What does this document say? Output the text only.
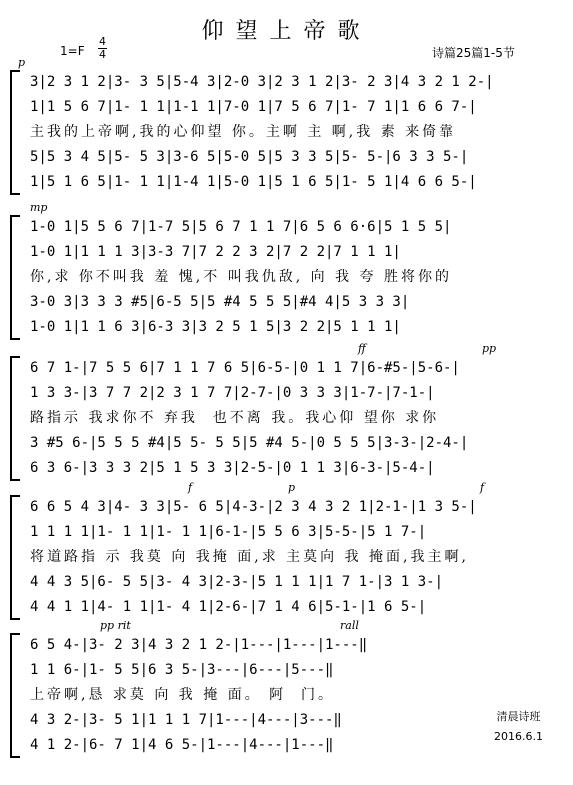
仰望上帝歌
1=F
4
4	诗篇25篇1-5节
p
3|2 3 1 2|3- 3 5|5-4 3|2-0 3|2 3 1 2|3- 2 3|4 3 2 1 2-|
1|1 5 6 7|1- 1 1|1-1 1|7-0 1|7 5 6 7|1- 7 1|1 6 6 7-|
主我的上帝啊,我的心仰望 你。主啊 主 啊,我 素 来倚靠
5|5 3 4 5|5- 5 3|3-6 5|5-0 5|5 3 3 5|5- 5-|6 3 3 5-|
1|5 1 6 5|1- 1 1|1-4 1|5-0 1|5 1 6 5|1- 5 1|4 6 6 5-|
mp
1-0 1|5 5 6 7|1-7 5|5 6 7 1 1 7|6 5 6 6·6|5 1 5 5|
1-0 1|1 1 1 3|3-3 7|7 2 2 3 2|7 2 2|7 1 1 1|
你,求 你不叫我 羞 愧,不 叫我仇敌, 向 我 夸 胜将你的
3-0 3|3 3 3 #5|6-5 5|5 #4 5 5 5|#4 4|5 3 3 3|
1-0 1|1 1 6 3|6-3 3|3 2 5 1 5|3 2 2|5 1 1 1|
ff	pp
6 7 1-|7 5 5 6|7 1 1 7 6 5|6-5-|0 1 1 7|6-#5-|5-6-|
1 3 3-|3 7 7 2|2 3 1 7 7|2-7-|0 3 3 3|1-7-|7-1-|
路指示 我求你不 弃我  也不离 我。我心仰 望你 求你
3 #5 6-|5 5 5 #4|5 5- 5 5|5 #4 5-|0 5 5 5|3-3-|2-4-|
6 3 6-|3 3 3 2|5 1 5 3 3|2-5-|0 1 1 3|6-3-|5-4-|
f	p	f
6 6 5 4 3|4- 3 3|5- 6 5|4-3-|2 3 4 3 2 1|2-1-|1 3 5-|
1 1 1 1|1- 1 1|1- 1 1|6-1-|5 5 6 3|5-5-|5 1 7-|
将道路指 示 我莫 向 我掩 面,求 主莫向 我 掩面,我主啊,
4 4 3 5|6- 5 5|3- 4 3|2-3-|5 1 1 1|1 7 1-|3 1 3-|
4 4 1 1|4- 1 1|1- 4 1|2-6-|7 1 4 6|5-1-|1 6 5-|
pp rit	rall
6 5 4-|3- 2 3|4 3 2 1 2-|1---|1---|1---‖
1 1 6-|1- 5 5|6 3 5-|3---|6---|5---‖
上帝啊,恳 求莫 向 我 掩 面。 阿  门。
4 3 2-|3- 5 1|1 1 1 7|1---|4---|3---‖
4 1 2-|6- 7 1|4 6 5-|1---|4---|1---‖
清晨诗班
2016.6.1
